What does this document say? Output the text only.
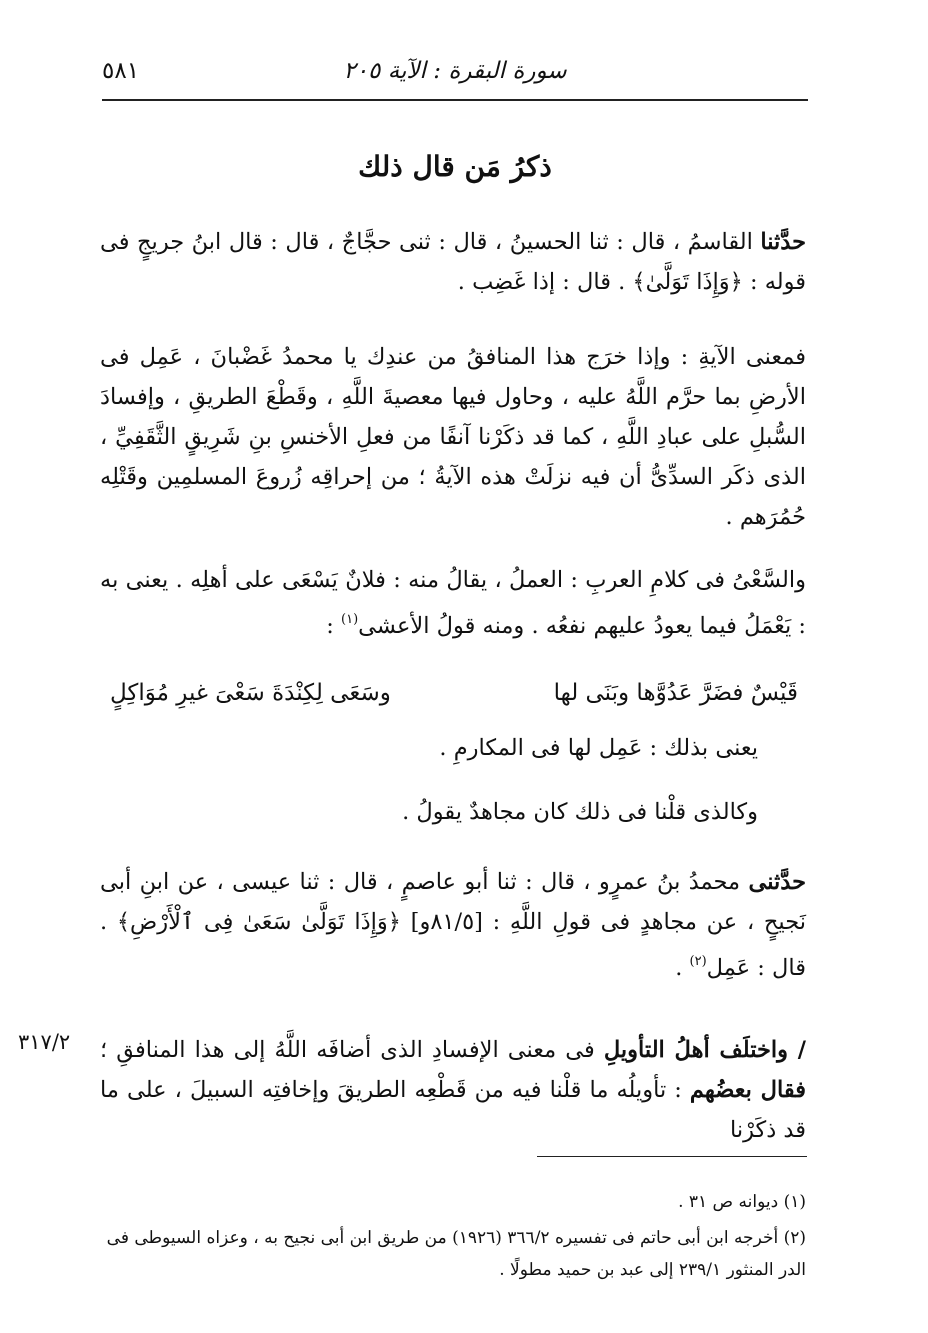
سورة البقرة : الآية ٢٠٥
٥٨١
ذكرُ مَن قال ذلك
حدَّثنا القاسمُ ، قال : ثنا الحسينُ ، قال : ثنى حجَّاجٌ ، قال : قال ابنُ جريجٍ فى قوله : ﴿وَإِذَا تَوَلَّىٰ﴾ . قال : إذا غَضِب .
فمعنى الآيةِ : وإذا خرَج هذا المنافقُ من عندِك يا محمدُ غَضْبانَ ، عَمِل فى الأرضِ بما حرَّم اللَّهُ عليه ، وحاول فيها معصيةَ اللَّهِ ، وقَطْعَ الطريقِ ، وإفسادَ السُّبلِ على عبادِ اللَّهِ ، كما قد ذكَرْنا آنفًا من فعلِ الأخنسِ بنِ شَرِيقٍ الثَّقَفِيِّ ، الذى ذكَر السدِّىُّ أن فيه نزلَتْ هذه الآيةُ ؛ من إحراقِه زُروعَ المسلمِين وقَتْلِه حُمُرَهم .
والسَّعْىُ فى كلامِ العربِ : العملُ ، يقالُ منه : فلانٌ يَسْعَى على أهلِه . يعنى به : يَعْمَلُ فيما يعودُ عليهم نفعُه . ومنه قولُ الأعشى$^{(١)}$ :
قَيْسٌ فضَرَّ عَدُوَّها وبَنَى لها
وسَعَى لِكِنْدَةَ سَعْىَ غيرِ مُوَاكِلٍ
يعنى بذلك : عَمِل لها فى المكارمِ .
وكالذى قلْنا فى ذلك كان مجاهدٌ يقولُ .
حدَّثنى محمدُ بنُ عمرٍو ، قال : ثنا أبو عاصمٍ ، قال : ثنا عيسى ، عن ابنِ أبى نَجيحٍ ، عن مجاهدٍ فى قولِ اللَّهِ : [٨١/٥و] ﴿وَإِذَا تَوَلَّىٰ سَعَىٰ فِى ٱلْأَرْضِ﴾ . قال : عَمِل$^{(٢)}$ .
/ واختلَف أهلُ التأويلِ فى معنى الإفسادِ الذى أضافَه اللَّهُ إلى هذا المنافقِ ؛ فقال بعضُهم : تأويلُه ما قلْنا فيه من قَطْعِه الطريقَ وإخافتِه السبيلَ ، على ما قد ذكَرْنا
٣١٧/٢
(١) ديوانه ص ٣١ .
(٢) أخرجه ابن أبى حاتم فى تفسيره ٣٦٦/٢ (١٩٢٦) من طريق ابن أبى نجيح به ، وعزاه السيوطى فى الدر المنثور ٢٣٩/١ إلى عبد بن حميد مطولًا .
